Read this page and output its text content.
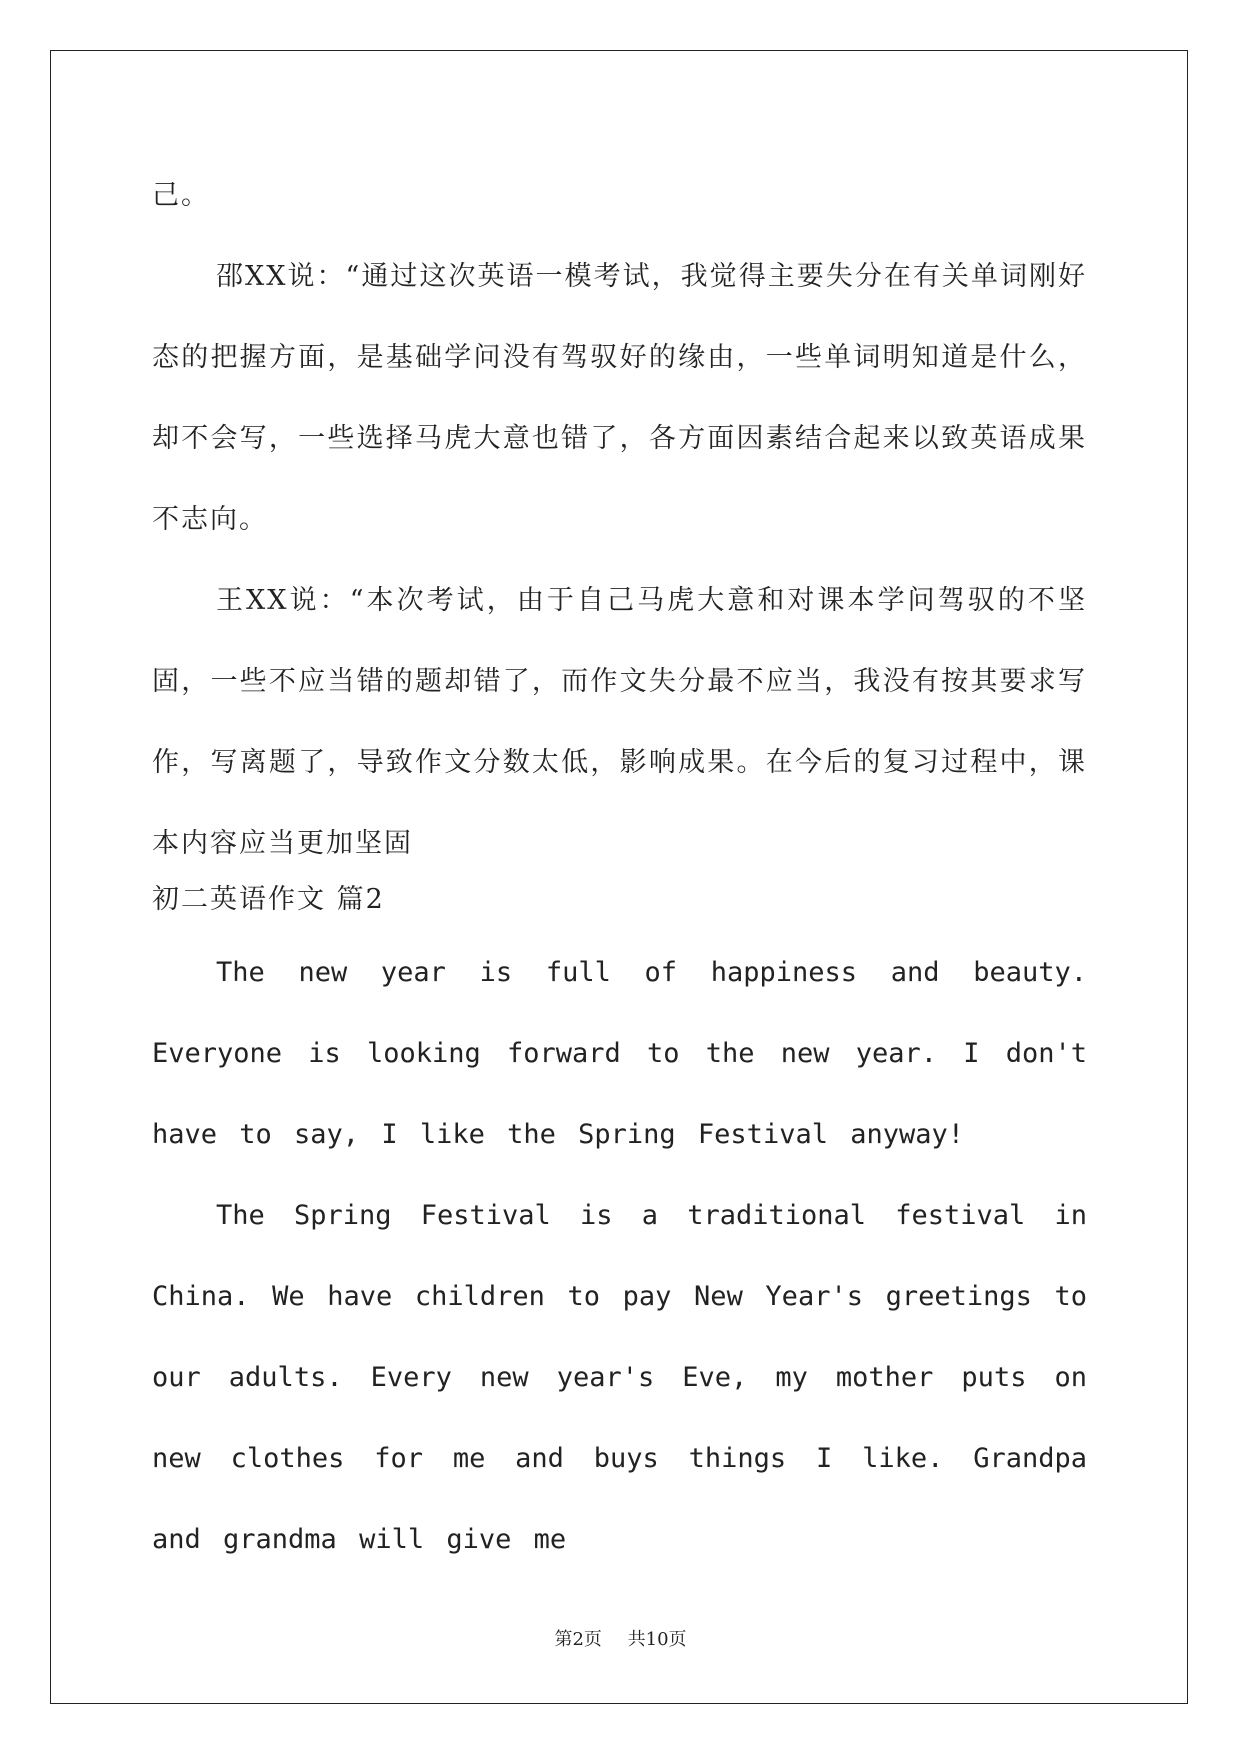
己。

邵XX说：“通过这次英语一模考试，我觉得主要失分在有关单词刚好态的把握方面，是基础学问没有驾驭好的缘由，一些单词明知道是什么，却不会写，一些选择马虎大意也错了，各方面因素结合起来以致英语成果不志向。

王XX说：“本次考试，由于自己马虎大意和对课本学问驾驭的不坚固，一些不应当错的题却错了，而作文失分最不应当，我没有按其要求写作，写离题了，导致作文分数太低，影响成果。在今后的复习过程中，课本内容应当更加坚固

初二英语作文 篇2

The new year is full of happiness and beauty. Everyone is looking forward to the new year. I don't have to say, I like the Spring Festival anyway!

The Spring Festival is a traditional festival in China. We have children to pay New Year's greetings to our adults. Every new year's Eve, my mother puts on new clothes for me and buys things I like. Grandpa and grandma will give me

第2页 共10页
